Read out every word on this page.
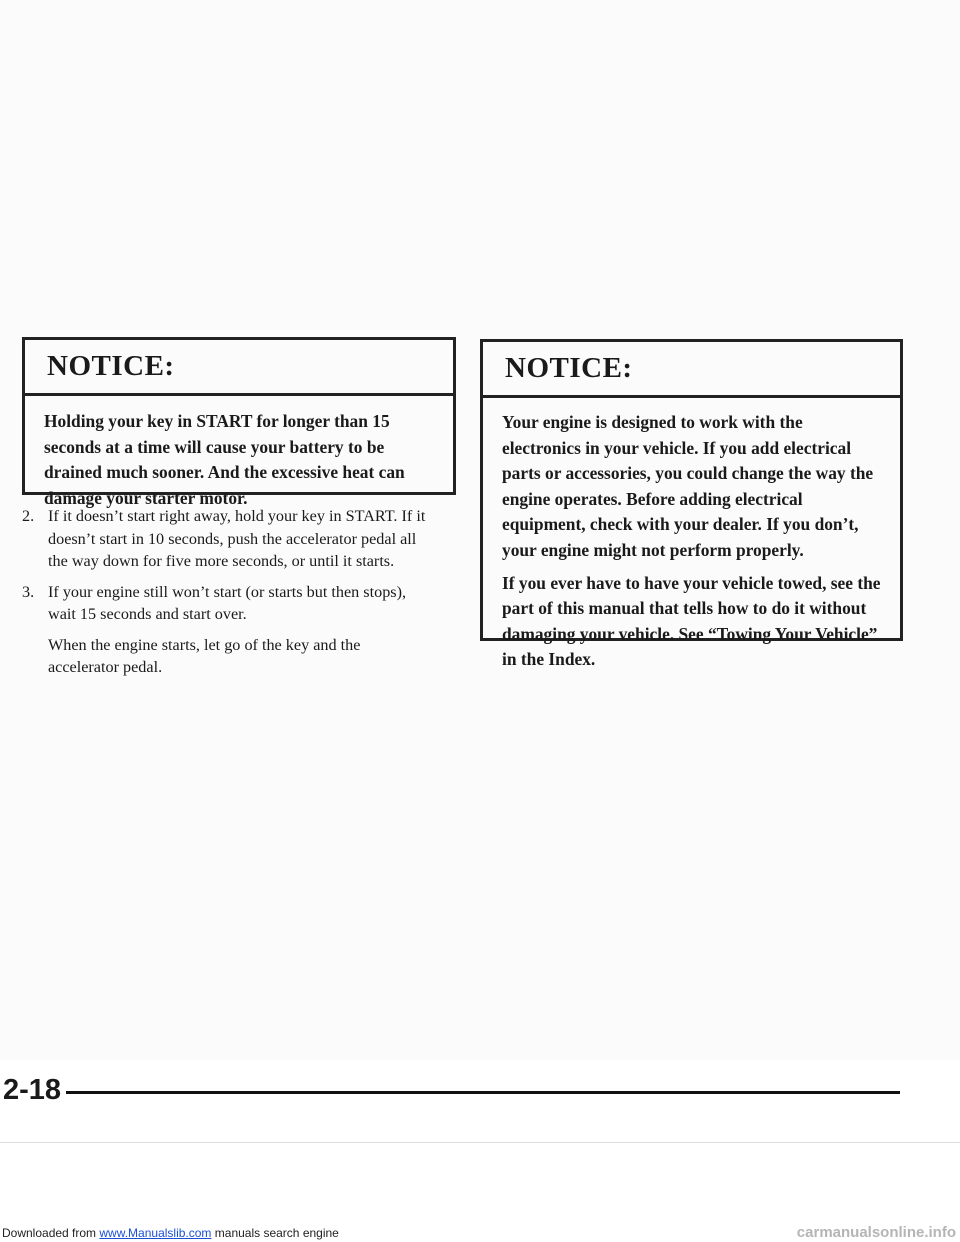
NOTICE:

Holding your key in START for longer than 15 seconds at a time will cause your battery to be drained much sooner. And the excessive heat can damage your starter motor.

2. If it doesn’t start right away, hold your key in START. If it doesn’t start in 10 seconds, push the accelerator pedal all the way down for five more seconds, or until it starts.
3. If your engine still won’t start (or starts but then stops), wait 15 seconds and start over.
When the engine starts, let go of the key and the accelerator pedal.
NOTICE:

Your engine is designed to work with the electronics in your vehicle. If you add electrical parts or accessories, you could change the way the engine operates. Before adding electrical equipment, check with your dealer. If you don’t, your engine might not perform properly.

If you ever have to have your vehicle towed, see the part of this manual that tells how to do it without damaging your vehicle. See “Towing Your Vehicle” in the Index.

2-18
Downloaded from www.Manualslib.com manuals search engine	carmanualsonline.info
